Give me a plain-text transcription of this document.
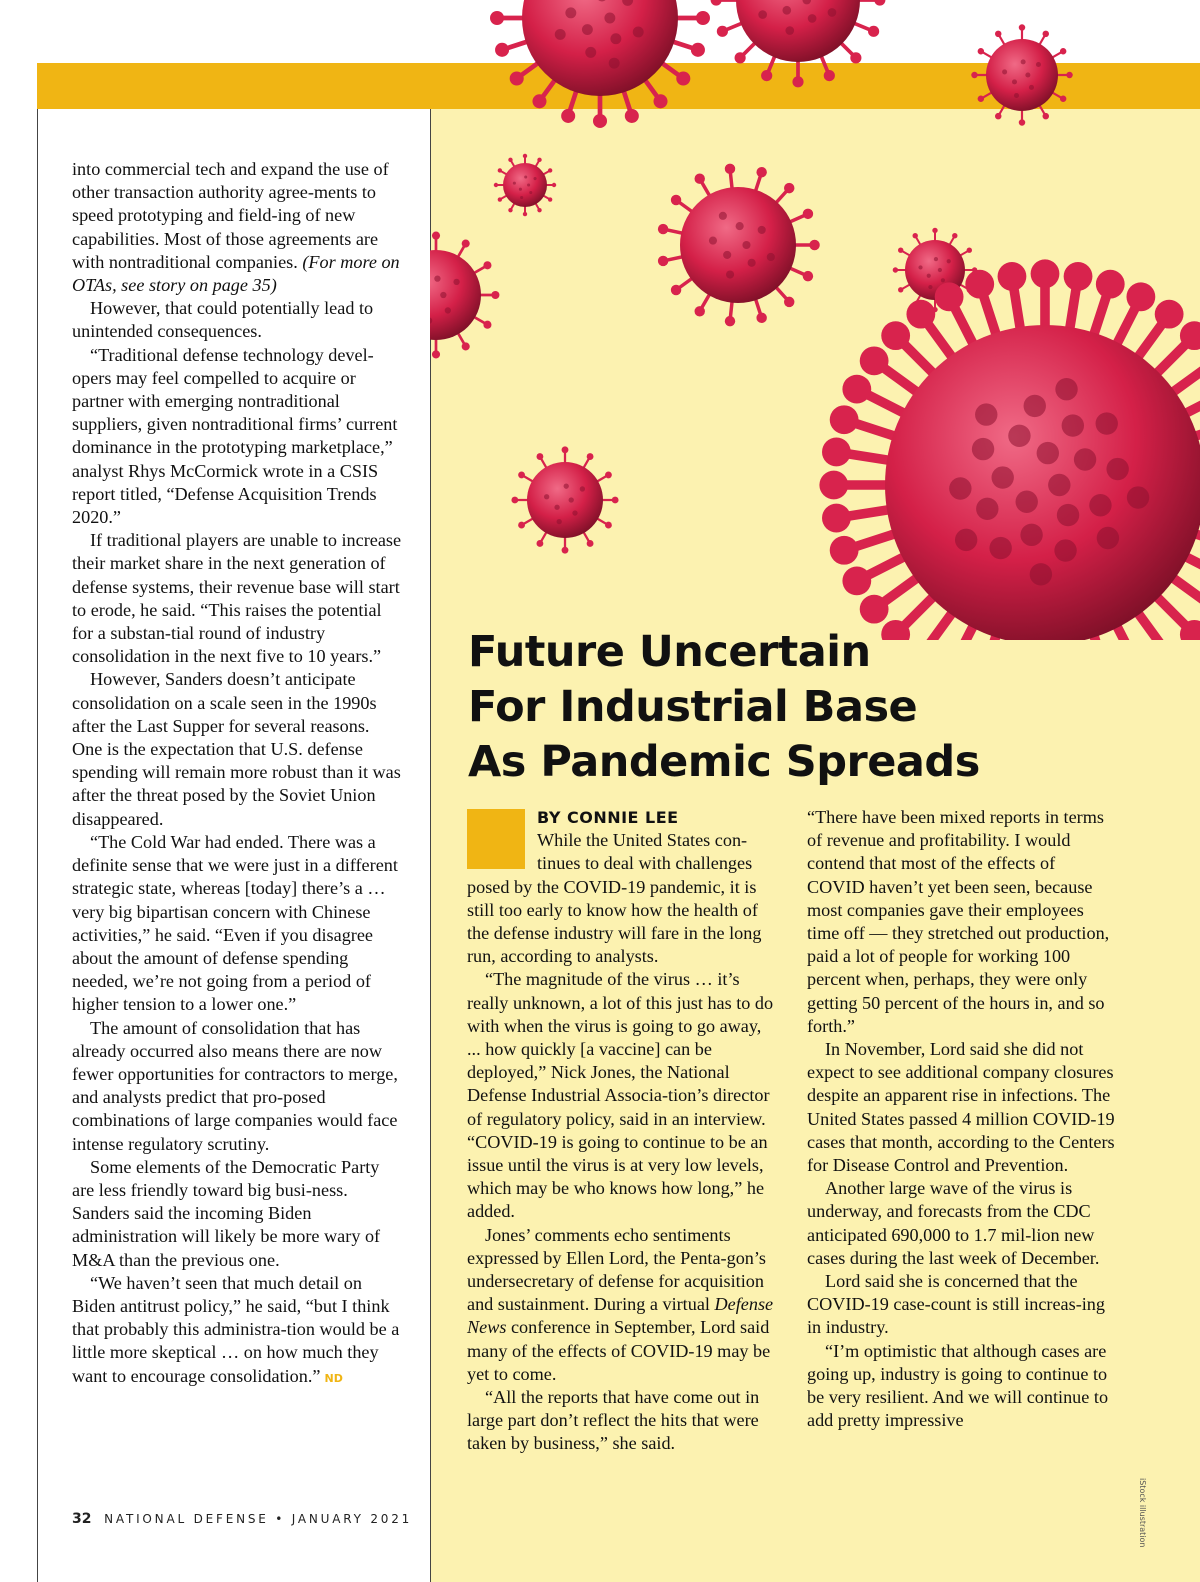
into commercial tech and expand the use of other transaction authority agree-ments to speed prototyping and field-ing of new capabilities. Most of those agreements are with nontraditional companies. (For more on OTAs, see story on page 35)

However, that could potentially lead to unintended consequences.

“Traditional defense technology devel-opers may feel compelled to acquire or partner with emerging nontraditional suppliers, given nontraditional firms’ current dominance in the prototyping marketplace,” analyst Rhys McCormick wrote in a CSIS report titled, “Defense Acquisition Trends 2020.”

If traditional players are unable to increase their market share in the next generation of defense systems, their revenue base will start to erode, he said. “This raises the potential for a substan-tial round of industry consolidation in the next five to 10 years.”

However, Sanders doesn’t anticipate consolidation on a scale seen in the 1990s after the Last Supper for several reasons. One is the expectation that U.S. defense spending will remain more robust than it was after the threat posed by the Soviet Union disappeared.

“The Cold War had ended. There was a definite sense that we were just in a different strategic state, whereas [today] there’s a … very big bipartisan concern with Chinese activities,” he said. “Even if you disagree about the amount of defense spending needed, we’re not going from a period of higher tension to a lower one.”

The amount of consolidation that has already occurred also means there are now fewer opportunities for contractors to merge, and analysts predict that pro-posed combinations of large companies would face intense regulatory scrutiny.

Some elements of the Democratic Party are less friendly toward big busi-ness. Sanders said the incoming Biden administration will likely be more wary of M&A than the previous one.

“We haven’t seen that much detail on Biden antitrust policy,” he said, “but I think that probably this administra-tion would be a little more skeptical … on how much they want to encourage consolidation.” ND

Future Uncertain
For Industrial Base
As Pandemic Spreads
BY CONNIE LEE

While the United States con-tinues to deal with challenges posed by the COVID-19 pandemic, it is still too early to know how the health of the defense industry will fare in the long run, according to analysts.

“The magnitude of the virus … it’s really unknown, a lot of this just has to do with when the virus is going to go away, ... how quickly [a vaccine] can be deployed,” Nick Jones, the National Defense Industrial Associa-tion’s director of regulatory policy, said in an interview. “COVID-19 is going to continue to be an issue until the virus is at very low levels, which may be who knows how long,” he added.

Jones’ comments echo sentiments expressed by Ellen Lord, the Penta-gon’s undersecretary of defense for acquisition and sustainment. During a virtual Defense News conference in September, Lord said many of the effects of COVID-19 may be yet to come.

“All the reports that have come out in large part don’t reflect the hits that were taken by business,” she said.

“There have been mixed reports in terms of revenue and profitability. I would contend that most of the effects of COVID haven’t yet been seen, because most companies gave their employees time off — they stretched out production, paid a lot of people for working 100 percent when, perhaps, they were only getting 50 percent of the hours in, and so forth.”

In November, Lord said she did not expect to see additional company closures despite an apparent rise in infections. The United States passed 4 million COVID-19 cases that month, according to the Centers for Disease Control and Prevention.

Another large wave of the virus is underway, and forecasts from the CDC anticipated 690,000 to 1.7 mil-lion new cases during the last week of December.

Lord said she is concerned that the COVID-19 case-count is still increas-ing in industry.

“I’m optimistic that although cases are going up, industry is going to continue to be very resilient. And we will continue to add pretty impressive

iStock illustration
32 NATIONAL DEFENSE • JANUARY 2021
